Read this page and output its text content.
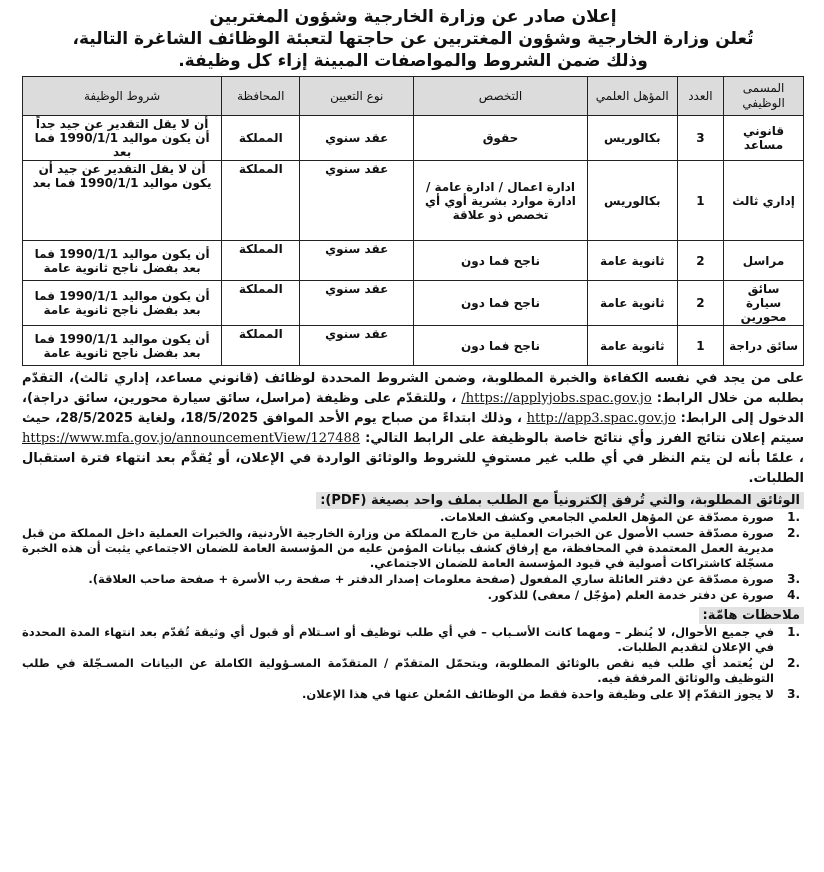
إعلان صادر عن وزارة الخارجية وشؤون المغتربين
تُعلن وزارة الخارجية وشؤون المغتربين عن حاجتها لتعبئة الوظائف الشاغرة التالية،
وذلك ضمن الشروط والمواصفات المبينة إزاء كل وظيفة.
المسمى الوظيفي	العدد	المؤهل العلمي	التخصص	نوع التعيين	المحافظة	شروط الوظيفة
قانوني مساعد	3	بكالوريس	حقوق	عقد سنوي	المملكة	أن لا يقل التقدير عن جيد جداً أن يكون مواليد 1990/1/1 فما بعد
إداري ثالث	1	بكالوريس	ادارة اعمال / ادارة عامة / ادارة موارد بشرية أوي أي تخصص ذو علاقة	عقد سنوي	المملكة	أن لا يقل التقدير عن جيد أن يكون مواليد 1990/1/1 فما بعد
مراسل	2	ثانوية عامة	ناجح فما دون	عقد سنوي	المملكة	أن يكون مواليد 1990/1/1 فما بعد بفضل ناجح ثانوية عامة
سائق سيارة محورين	2	ثانوية عامة	ناجح فما دون	عقد سنوي	المملكة	أن يكون مواليد 1990/1/1 فما بعد بفضل ناجح ثانوية عامة
سائق دراجة	1	ثانوية عامة	ناجح فما دون	عقد سنوي	المملكة	أن يكون مواليد 1990/1/1 فما بعد بفضل ناجح ثانوية عامة
على من يجد في نفسه الكفاءة والخبرة المطلوبة، وضمن الشروط المحددة لوظائف (قانوني مساعد، إداري ثالث)، التقدّم بطلبه من خلال الرابط: https://applyjobs.spac.gov.jo/ ، وللتقدّم على وظيفة (مراسل، سائق سيارة محورين، سائق دراجة)، الدخول إلى الرابط: http://app3.spac.gov.jo ، وذلك ابتداءً من صباح يوم الأحد الموافق 18/5/2025، ولغاية 28/5/2025، حيث سيتم إعلان نتائج الفرز وأي نتائج خاصة بالوظيفة على الرابط التالي: https://www.mfa.gov.jo/announcementView/127488 ، علمًا بأنه لن يتم النظر في أي طلب غير مستوفٍ للشروط والوثائق الواردة في الإعلان، أو يُقدَّم بعد انتهاء فترة استقبال الطلبات.
الوثائق المطلوبة، والتي تُرفق إلكترونياً مع الطلب بملف واحد بصيغة (PDF):
.1
صورة مصدّقة عن المؤهل العلمي الجامعي وكشف العلامات.
.2
صورة مصدّقة حسب الأصول عن الخبرات العملية من خارج المملكة من وزارة الخارجية الأردنية، والخبرات العملية داخل المملكة من قبل مديرية العمل المعتمدة في المحافظة، مع إرفاق كشف بيانات المؤمن عليه من المؤسسة العامة للضمان الاجتماعي يثبت أن هذه الخبرة مسجّلة كاشتراكات أصولية في قيود المؤسسة العامة للضمان الاجتماعي.
.3
صورة مصدّقة عن دفتر العائلة ساري المفعول (صفحة معلومات إصدار الدفتر + صفحة رب الأسرة + صفحة صاحب العلاقة).
.4
صورة عن دفتر خدمة العلم (مؤجّل / معفى) للذكور.
ملاحظات هامّة:
.1
في جميع الأحوال، لا يُنظر – ومهما كانت الأسـباب – في أي طلب توظيف أو اسـتلام أو قبول أي وثيقة تُقدّم بعد انتهاء المدة المحددة في الإعلان لتقديم الطلبات.
.2
لن يُعتمد أي طلب فيه نقص بالوثائق المطلوبة، ويتحمّل المتقدّم / المتقدّمة المسـؤولية الكاملة عن البيانات المسـجّلة في طلب التوظيف والوثائق المرفقة فيه.
.3
لا يجوز التقدّم إلا على وظيفة واحدة فقط من الوظائف المُعلن عنها في هذا الإعلان.
